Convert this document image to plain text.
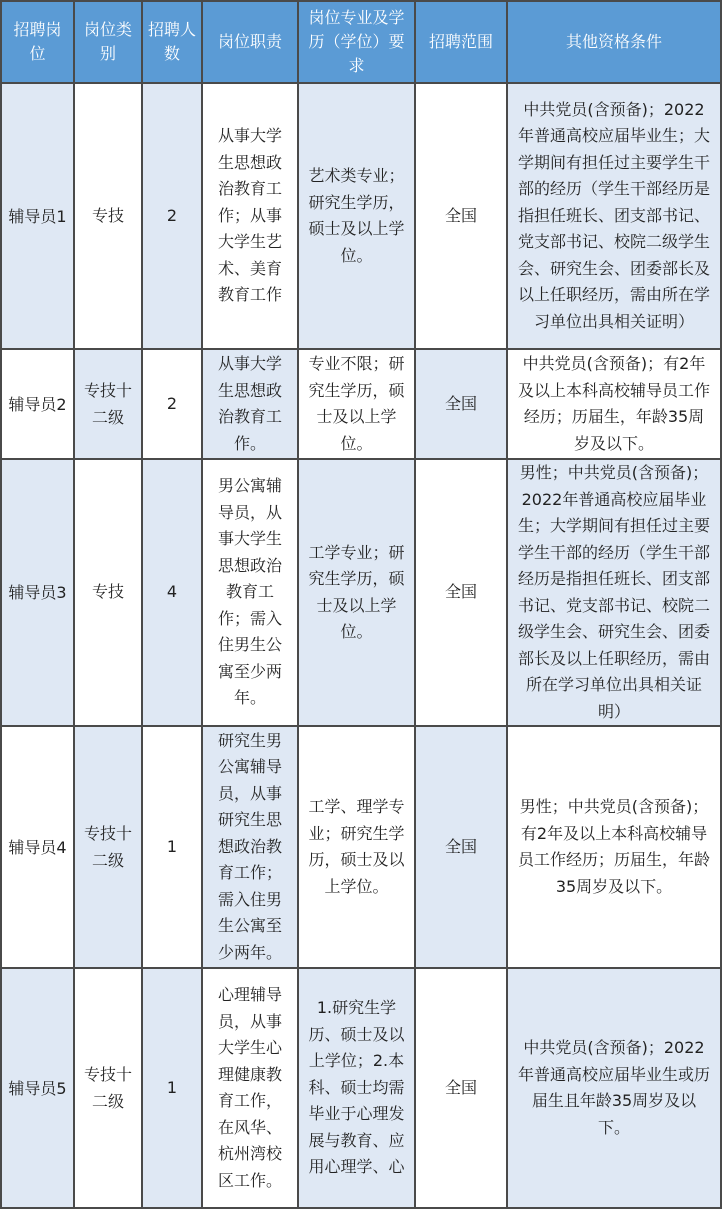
招聘岗位	岗位类别	招聘人数	岗位职责	岗位专业及学历（学位）要求	招聘范围	其他资格条件
辅导员1	专技	2	从事大学生思想政治教育工作；从事大学生艺术、美育教育工作	艺术类专业；研究生学历，硕士及以上学位。	全国	中共党员(含预备)；2022年普通高校应届毕业生；大学期间有担任过主要学生干部的经历（学生干部经历是指担任班长、团支部书记、党支部书记、校院二级学生会、研究生会、团委部长及以上任职经历，需由所在学习单位出具相关证明）
辅导员2	专技十二级	2	从事大学生思想政治教育工作。	专业不限；研究生学历，硕士及以上学位。	全国	中共党员(含预备)；有2年及以上本科高校辅导员工作经历；历届生，年龄35周岁及以下。
辅导员3	专技	4	男公寓辅导员，从事大学生思想政治教育工作；需入住男生公寓至少两年。	工学专业；研究生学历，硕士及以上学位。	全国	男性；中共党员(含预备)；2022年普通高校应届毕业生；大学期间有担任过主要学生干部的经历（学生干部经历是指担任班长、团支部书记、党支部书记、校院二级学生会、研究生会、团委部长及以上任职经历，需由所在学习单位出具相关证明）
辅导员4	专技十二级	1	研究生男公寓辅导员，从事研究生思想政治教育工作；需入住男生公寓至少两年。	工学、理学专业；研究生学历，硕士及以上学位。	全国	男性；中共党员(含预备)；有2年及以上本科高校辅导员工作经历；历届生，年龄35周岁及以下。
辅导员5	专技十二级	1	心理辅导员，从事大学生心理健康教育工作，在风华、杭州湾校区工作。	1.研究生学历、硕士及以上学位；2.本科、硕士均需毕业于心理发展与教育、应用心理学、心	全国	中共党员(含预备)；2022年普通高校应届毕业生或历届生且年龄35周岁及以下。
